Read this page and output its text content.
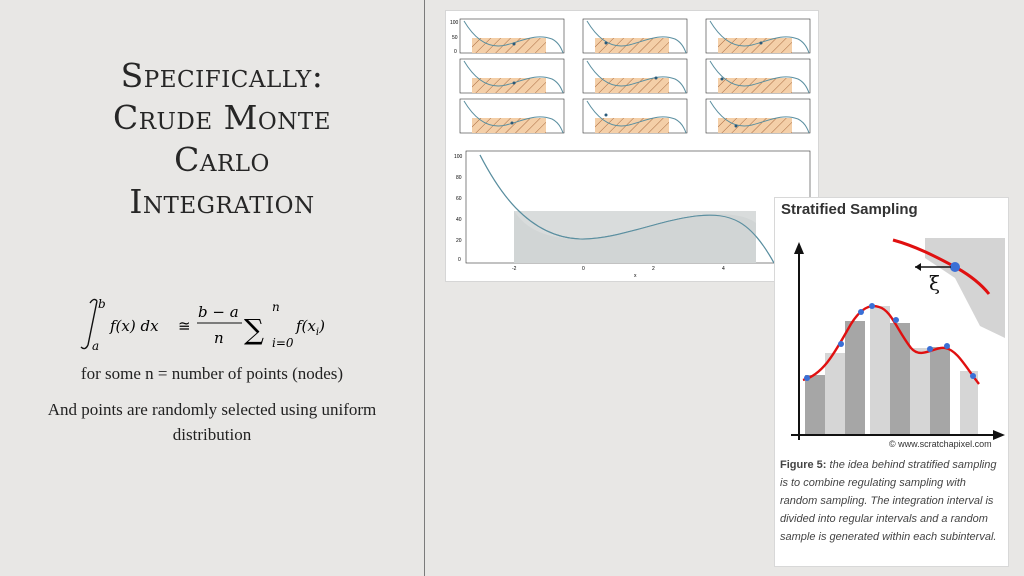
Specifically:
Crude Monte
Carlo
Integration
b
a
f(x) dx ≅
b − a
n ∑
n
i=0
$f(x_i)$
for some n = number of points (nodes)
And points are randomly selected using uniform
distribution
100
50
0
100
80
60
40
20
0
-2	0	2	4
x
Stratified Sampling
ξ
© www.scratchapixel.com
Figure 5: the idea behind stratified sampling is to combine regulating sampling with random sampling. The integration interval is divided into regular intervals and a random sample is generated within each subinterval.
